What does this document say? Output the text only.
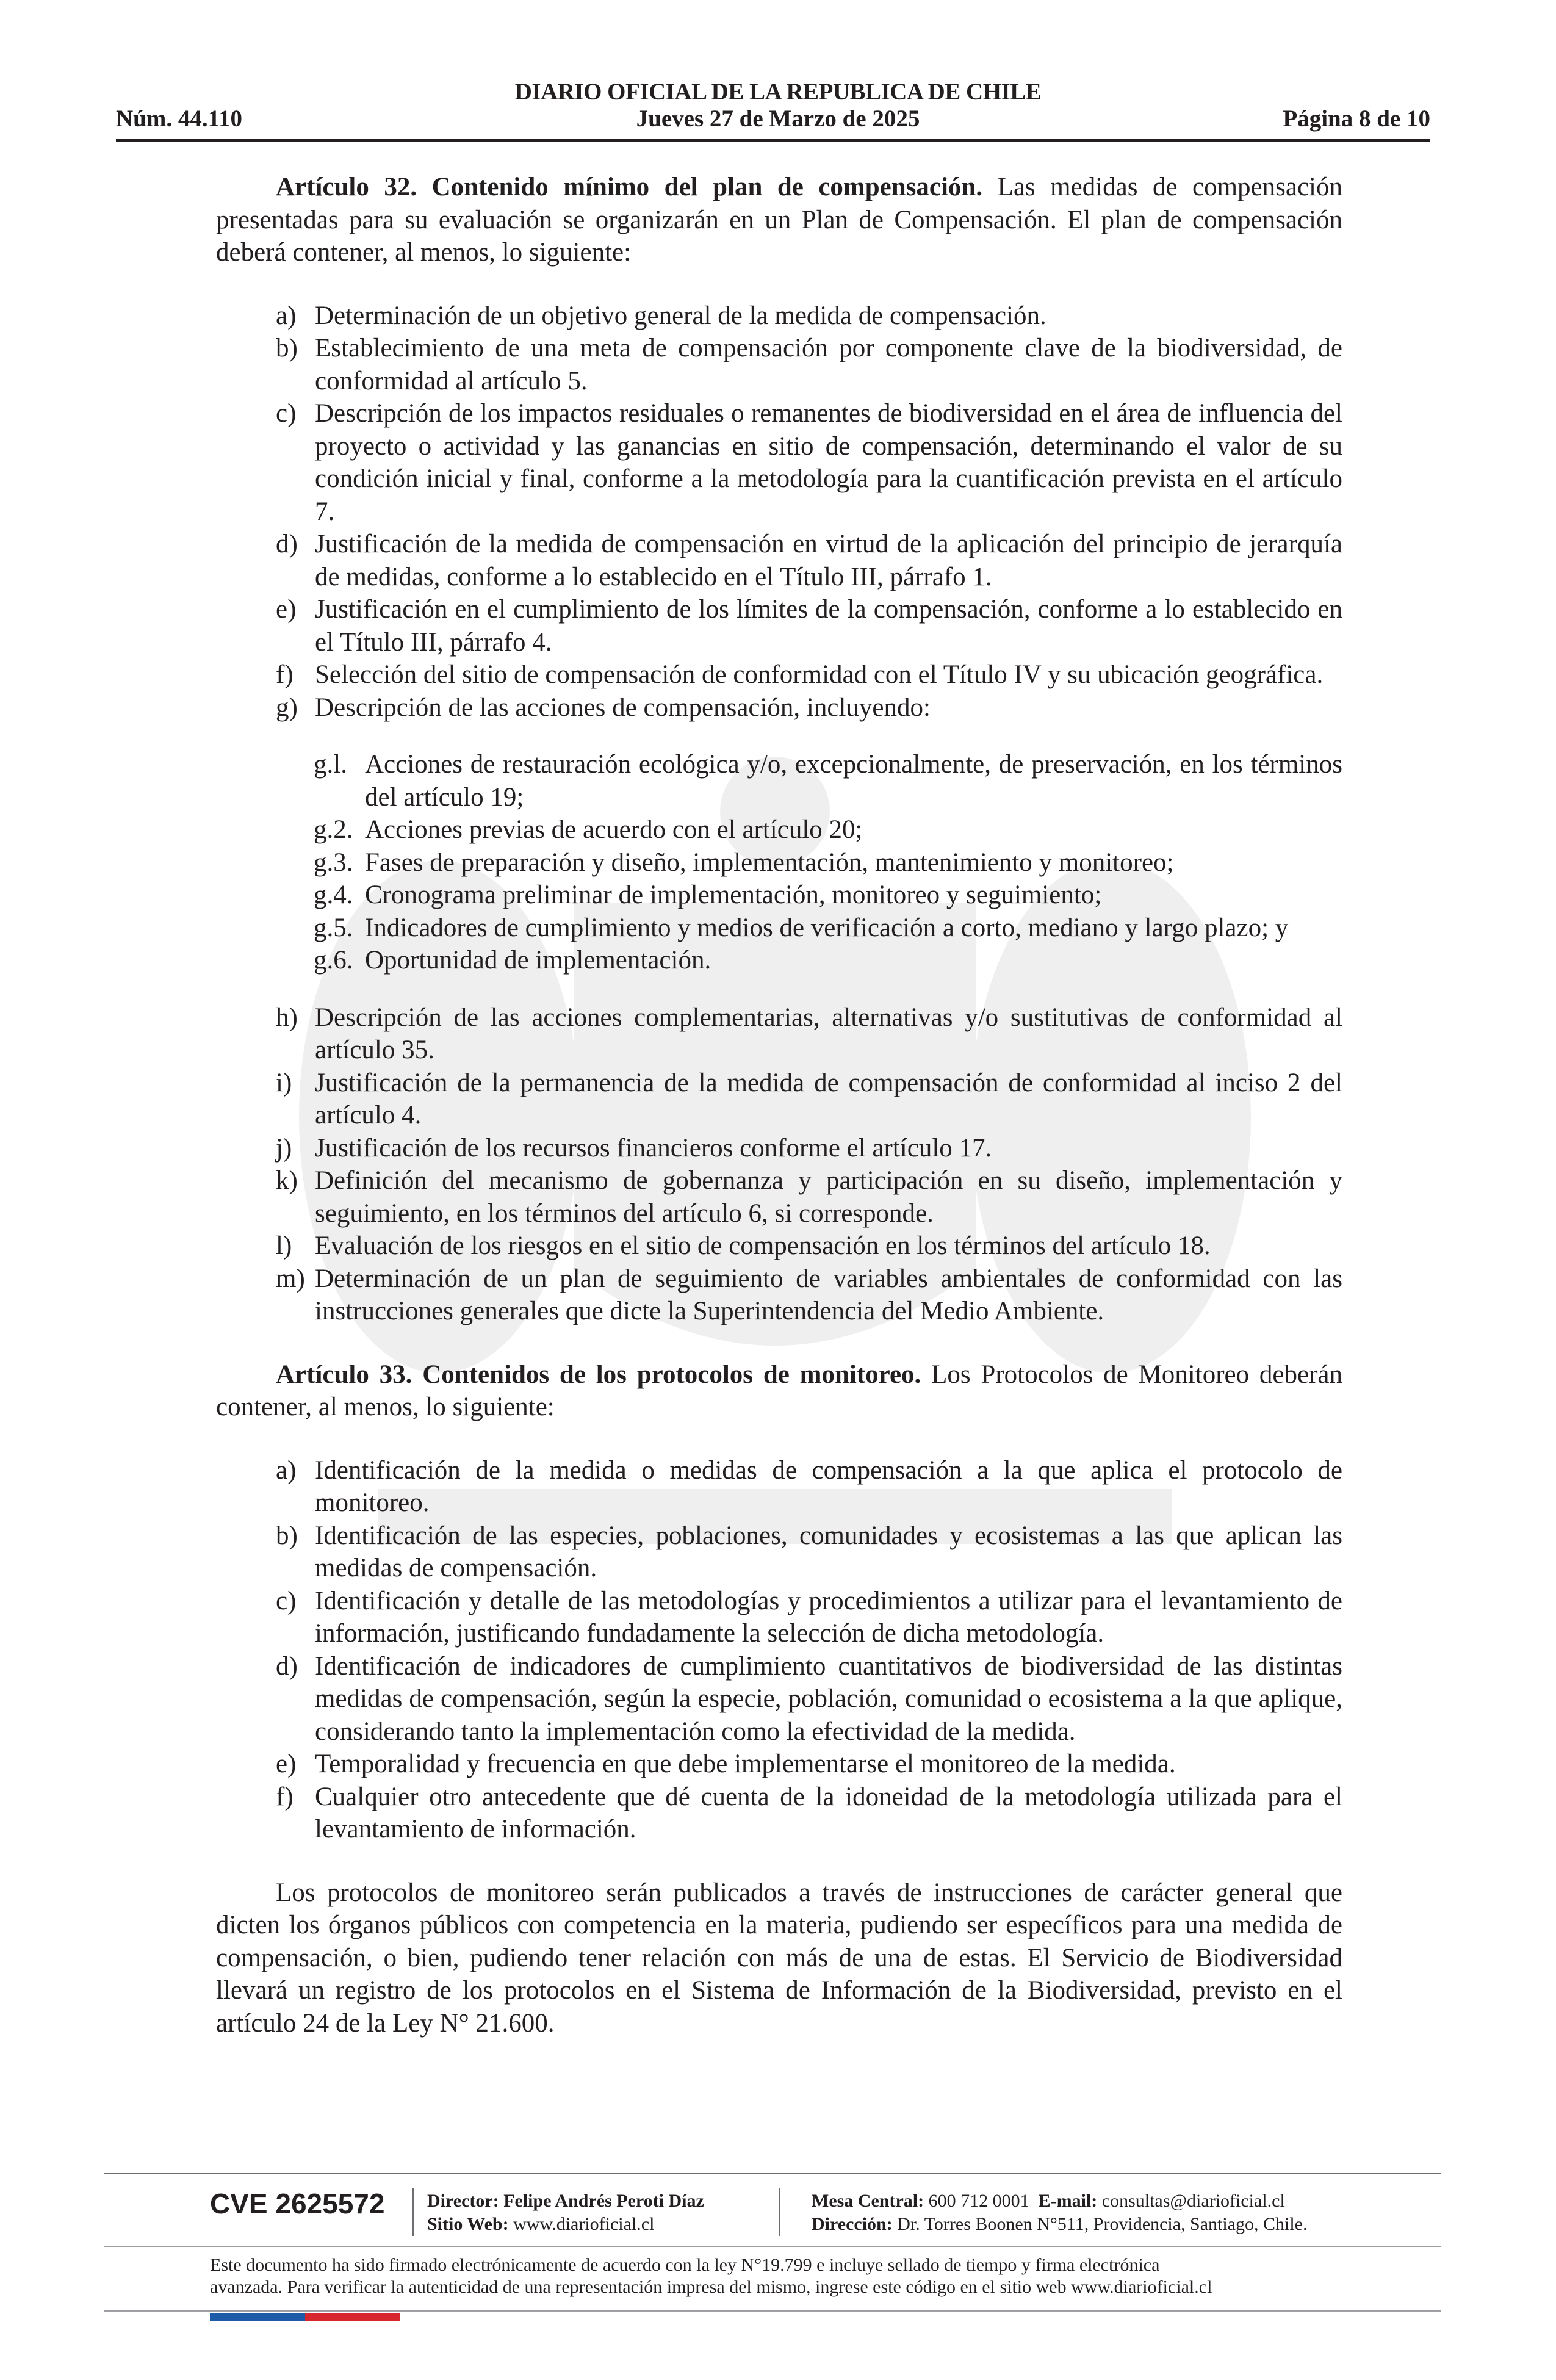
DIARIO OFICIAL DE LA REPUBLICA DE CHILE
Núm. 44.110	Jueves 27 de Marzo de 2025	Página 8 de 10

Artículo 32. Contenido mínimo del plan de compensación. Las medidas de compensación presentadas para su evaluación se organizarán en un Plan de Compensación. El plan de compensación deberá contener, al menos, lo siguiente:

a) Determinación de un objetivo general de la medida de compensación.
b) Establecimiento de una meta de compensación por componente clave de la biodiversidad, de conformidad al artículo 5.
c) Descripción de los impactos residuales o remanentes de biodiversidad en el área de influencia del proyecto o actividad y las ganancias en sitio de compensación, determinando el valor de su condición inicial y final, conforme a la metodología para la cuantificación prevista en el artículo 7.
d) Justificación de la medida de compensación en virtud de la aplicación del principio de jerarquía de medidas, conforme a lo establecido en el Título III, párrafo 1.
e) Justificación en el cumplimiento de los límites de la compensación, conforme a lo establecido en el Título III, párrafo 4.
f) Selección del sitio de compensación de conformidad con el Título IV y su ubicación geográfica.
g) Descripción de las acciones de compensación, incluyendo:
g.l. Acciones de restauración ecológica y/o, excepcionalmente, de preservación, en los términos del artículo 19;
g.2. Acciones previas de acuerdo con el artículo 20;
g.3. Fases de preparación y diseño, implementación, mantenimiento y monitoreo;
g.4. Cronograma preliminar de implementación, monitoreo y seguimiento;
g.5. Indicadores de cumplimiento y medios de verificación a corto, mediano y largo plazo; y
g.6. Oportunidad de implementación.
h) Descripción de las acciones complementarias, alternativas y/o sustitutivas de conformidad al artículo 35.
i) Justificación de la permanencia de la medida de compensación de conformidad al inciso 2 del artículo 4.
j) Justificación de los recursos financieros conforme el artículo 17.
k) Definición del mecanismo de gobernanza y participación en su diseño, implementación y seguimiento, en los términos del artículo 6, si corresponde.
l) Evaluación de los riesgos en el sitio de compensación en los términos del artículo 18.
m) Determinación de un plan de seguimiento de variables ambientales de conformidad con las instrucciones generales que dicte la Superintendencia del Medio Ambiente.

Artículo 33. Contenidos de los protocolos de monitoreo. Los Protocolos de Monitoreo deberán contener, al menos, lo siguiente:

a) Identificación de la medida o medidas de compensación a la que aplica el protocolo de monitoreo.
b) Identificación de las especies, poblaciones, comunidades y ecosistemas a las que aplican las medidas de compensación.
c) Identificación y detalle de las metodologías y procedimientos a utilizar para el levantamiento de información, justificando fundadamente la selección de dicha metodología.
d) Identificación de indicadores de cumplimiento cuantitativos de biodiversidad de las distintas medidas de compensación, según la especie, población, comunidad o ecosistema a la que aplique, considerando tanto la implementación como la efectividad de la medida.
e) Temporalidad y frecuencia en que debe implementarse el monitoreo de la medida.
f) Cualquier otro antecedente que dé cuenta de la idoneidad de la metodología utilizada para el levantamiento de información.

Los protocolos de monitoreo serán publicados a través de instrucciones de carácter general que dicten los órganos públicos con competencia en la materia, pudiendo ser específicos para una medida de compensación, o bien, pudiendo tener relación con más de una de estas. El Servicio de Biodiversidad llevará un registro de los protocolos en el Sistema de Información de la Biodiversidad, previsto en el artículo 24 de la Ley N° 21.600.

CVE 2625572 Director: Felipe Andrés Peroti Díaz
Sitio Web: www.diarioficial.cl
Mesa Central: 600 712 0001 E-mail: consultas@diarioficial.cl
Dirección: Dr. Torres Boonen N°511, Providencia, Santiago, Chile.
Este documento ha sido firmado electrónicamente de acuerdo con la ley N°19.799 e incluye sellado de tiempo y firma electrónica
avanzada. Para verificar la autenticidad de una representación impresa del mismo, ingrese este código en el sitio web www.diarioficial.cl
